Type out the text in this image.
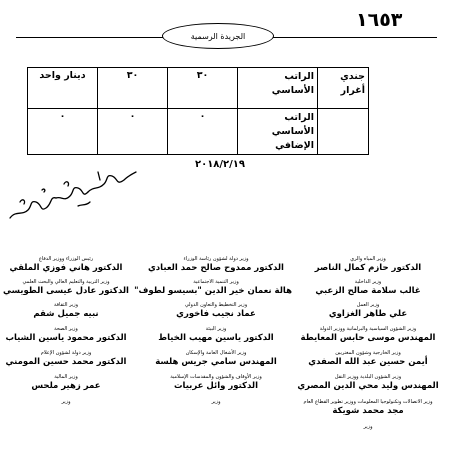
١٦٥٣
الجريدة الرسمية
جندي أغرار	الراتب الأساسي	٣٠	٣٠	دينار واحد
	الراتب الأساسي الإضافي	٠	٠	٠
٢٠١٨/٢/١٩
وزير المياه والري
الدكتور حازم كمال الناصر
وزير دولة لشؤون رئاسة الوزراء
الدكتور ممدوح صالح حمد العبادي
رئيس الوزراء ووزير الدفاع
الدكتور هاني فوزي الملقي
وزير الداخلية
غالب سلامة صالح الزعبي
وزير التنمية الاجتماعية
هالة نعمان خير الدين "بسيسو لطوف"
وزير التربية والتعليم العالي والبحث العلمي
الدكتور عادل عيسى الطويسي
وزير العمل
علي طاهر الغزاوي
وزير التخطيط والتعاون الدولي
عماد نجيب فاخوري
وزير الثقافة
نبيه جميل شقم
وزير الشؤون السياسية والبرلمانية ووزير الدولة
المهندس موسى حابس المعايطة
وزير البيئة
الدكتور ياسين مهيب الخياط
وزير الصحة
الدكتور محمود ياسين الشياب
وزير الخارجية وشؤون المغتربين
أيمن حسين عبد الله الصفدي
وزير الأشغال العامة والإسكان
المهندس سامي جريس هلسة
وزير دولة لشؤون الإعلام
الدكتور محمد حسين المومني
وزير الشؤون البلدية ووزير النقل
المهندس وليد محي الدين المصري
وزير الأوقاف والشؤون والمقدسات الإسلامية
الدكتور وائل عربيات
وزير المالية
عمر زهير ملحس
وزير الاتصالات وتكنولوجيا المعلومات ووزير تطوير القطاع العام
مجد محمد شويكة
وزير
وزير
وزير
